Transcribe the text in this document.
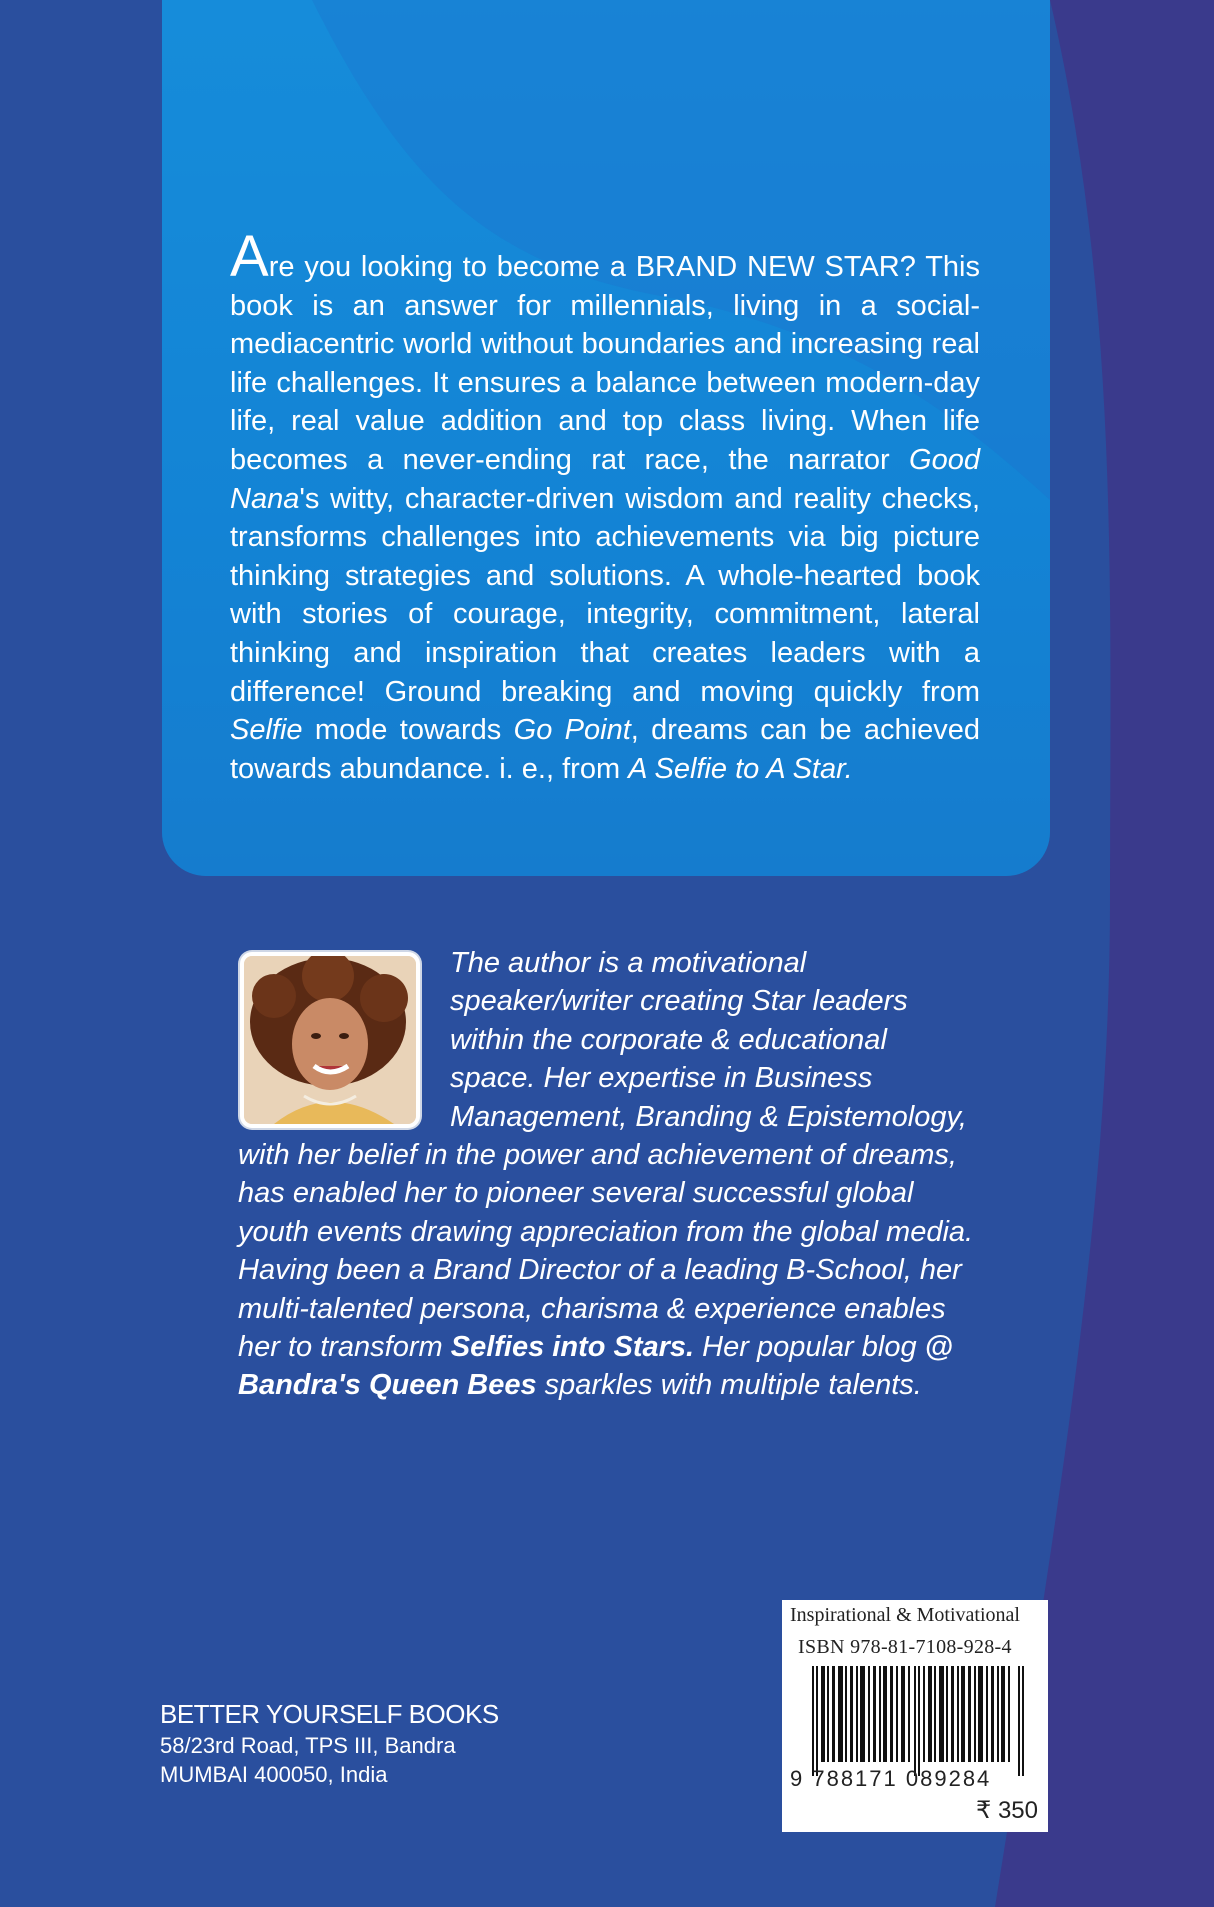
Are you looking to become a BRAND NEW STAR? This book is an answer for millennials, living in a social-mediacentric world without boundaries and increasing real life challenges. It ensures a balance between modern-day life, real value addition and top class living. When life becomes a never-ending rat race, the narrator Good Nana's witty, character-driven wisdom and reality checks, transforms challenges into achievements via big picture thinking strategies and solutions. A whole-hearted book with stories of courage, integrity, commitment, lateral thinking and inspiration that creates leaders with a difference! Ground breaking and moving quickly from Selfie mode towards Go Point, dreams can be achieved towards abundance. i. e., from A Selfie to A Star.

The author is a motivational speaker/writer creating Star leaders within the corporate & educational space. Her expertise in Business Management, Branding & Epistemology, with her belief in the power and achievement of dreams, has enabled her to pioneer several successful global youth events drawing appreciation from the global media. Having been a Brand Director of a leading B-School, her multi-talented persona, charisma & experience enables her to transform Selfies into Stars. Her popular blog @ Bandra's Queen Bees sparkles with multiple talents.

BETTER YOURSELF BOOKS
58/23rd Road, TPS III, Bandra
MUMBAI 400050, India
Inspirational & Motivational
ISBN 978-81-7108-928-4
9 788171 089284
₹ 350
